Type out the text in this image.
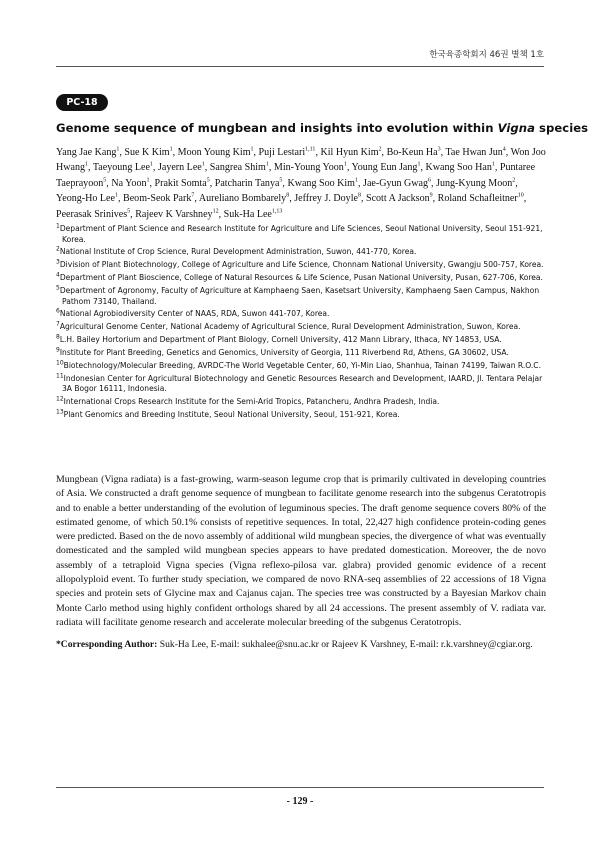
한국육종학회지 46권 별책 1호
PC-18
Genome sequence of mungbean and insights into evolution within Vigna species
Yang Jae Kang$^1$, Sue K Kim$^1$, Moon Young Kim$^1$, Puji Lestari$^{1,11}$, Kil Hyun Kim$^2$, Bo-Keun Ha$^3$, Tae Hwan Jun$^4$, Won Joo Hwang$^1$, Taeyoung Lee$^1$, Jayern Lee$^1$, Sangrea Shim$^1$, Min-Young Yoon$^1$, Young Eun Jang$^1$, Kwang Soo Han$^1$, Puntaree Taeprayoon$^5$, Na Yoon$^1$, Prakit Somta$^5$, Patcharin Tanya$^5$, Kwang Soo Kim$^1$, Jae-Gyun Gwag$^6$, Jung-Kyung Moon$^2$, Yeong-Ho Lee$^1$, Beom-Seok Park$^7$, Aureliano Bombarely$^8$, Jeffrey J. Doyle$^8$, Scott A Jackson$^9$, Roland Schafleitner$^{10}$, Peerasak Srinives$^5$, Rajeev K Varshney$^{12}$, Suk-Ha Lee$^{1,13}$
$^1$Department of Plant Science and Research Institute for Agriculture and Life Sciences, Seoul National University, Seoul 151-921, Korea.
$^2$National Institute of Crop Science, Rural Development Administration, Suwon, 441-770, Korea.
$^3$Division of Plant Biotechnology, College of Agriculture and Life Science, Chonnam National University, Gwangju 500-757, Korea.
$^4$Department of Plant Bioscience, College of Natural Resources & Life Science, Pusan National University, Pusan, 627-706, Korea.
$^5$Department of Agronomy, Faculty of Agriculture at Kamphaeng Saen, Kasetsart University, Kamphaeng Saen Campus, Nakhon Pathom 73140, Thailand.
$^6$National Agrobiodiversity Center of NAAS, RDA, Suwon 441-707, Korea.
$^7$Agricultural Genome Center, National Academy of Agricultural Science, Rural Development Administration, Suwon, Korea.
$^8$L.H. Bailey Hortorium and Department of Plant Biology, Cornell University, 412 Mann Library, Ithaca, NY 14853, USA.
$^9$Institute for Plant Breeding, Genetics and Genomics, University of Georgia, 111 Riverbend Rd, Athens, GA 30602, USA.
$^{10}$Biotechnology/Molecular Breeding, AVRDC-The World Vegetable Center, 60, Yi-Min Liao, Shanhua, Tainan 74199, Taiwan R.O.C.
$^{11}$Indonesian Center for Agricultural Biotechnology and Genetic Resources Research and Development, IAARD, Jl. Tentara Pelajar 3A Bogor 16111, Indonesia.
$^{12}$International Crops Research Institute for the Semi-Arid Tropics, Patancheru, Andhra Pradesh, India.
$^{13}$Plant Genomics and Breeding Institute, Seoul National University, Seoul, 151-921, Korea.
Mungbean (Vigna radiata) is a fast-growing, warm-season legume crop that is primarily cultivated in developing countries of Asia. We constructed a draft genome sequence of mungbean to facilitate genome research into the subgenus Ceratotropis and to enable a better understanding of the evolution of leguminous species. The draft genome sequence covers 80% of the estimated genome, of which 50.1% consists of repetitive sequences. In total, 22,427 high confidence protein-coding genes were predicted. Based on the de novo assembly of additional wild mungbean species, the divergence of what was eventually domesticated and the sampled wild mungbean species appears to have predated domestication. Moreover, the de novo assembly of a tetraploid Vigna species (Vigna reflexo-pilosa var. glabra) provided genomic evidence of a recent allopolyploid event. To further study speciation, we compared de novo RNA-seq assemblies of 22 accessions of 18 Vigna species and protein sets of Glycine max and Cajanus cajan. The species tree was constructed by a Bayesian Markov chain Monte Carlo method using highly confident orthologs shared by all 24 accessions. The present assembly of V. radiata var. radiata will facilitate genome research and accelerate molecular breeding of the subgenus Ceratotropis.
*Corresponding Author: Suk-Ha Lee, E-mail: sukhalee@snu.ac.kr or Rajeev K Varshney, E-mail: r.k.varshney@cgiar.org.
- 129 -
